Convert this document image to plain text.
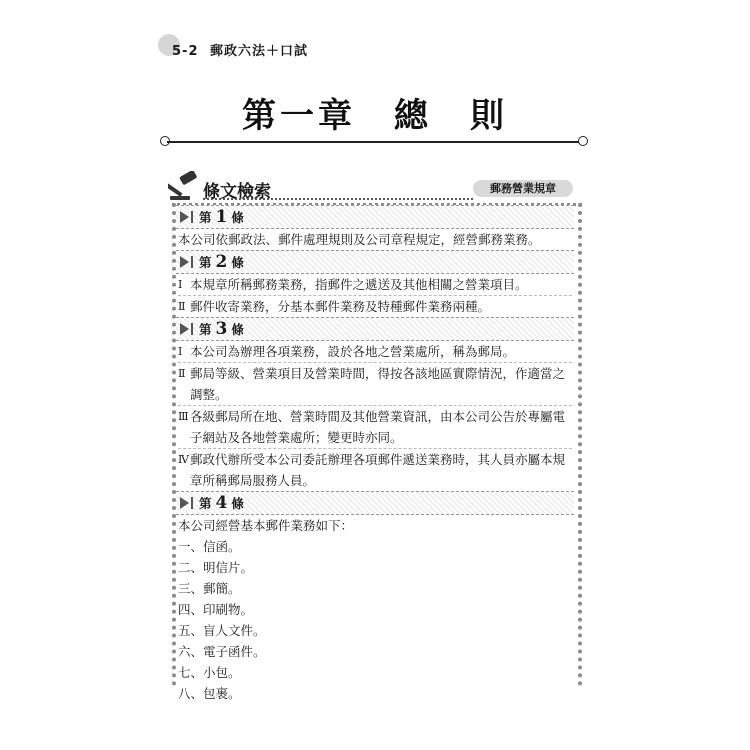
5-2 郵政六法＋口試
第一章　總　則
條文檢索	郵務營業規章
第 1 條

本公司依郵政法、郵件處理規則及公司章程規定，經營郵務業務。

第 2 條
Ⅰ 本規章所稱郵務業務，指郵件之遞送及其他相關之營業項目。
Ⅱ 郵件收寄業務，分基本郵件業務及特種郵件業務兩種。
第 3 條
Ⅰ 本公司為辦理各項業務，設於各地之營業處所，稱為郵局。
Ⅱ 郵局等級、營業項目及營業時間，得按各該地區實際情況，作適當之調整。
Ⅲ 各級郵局所在地、營業時間及其他營業資訊，由本公司公告於專屬電子網站及各地營業處所；變更時亦同。
Ⅳ 郵政代辦所受本公司委託辦理各項郵件遞送業務時，其人員亦屬本規章所稱郵局服務人員。
第 4 條

本公司經營基本郵件業務如下：

一、信函。

二、明信片。

三、郵簡。

四、印刷物。

五、盲人文件。

六、電子函件。

七、小包。

八、包裹。
